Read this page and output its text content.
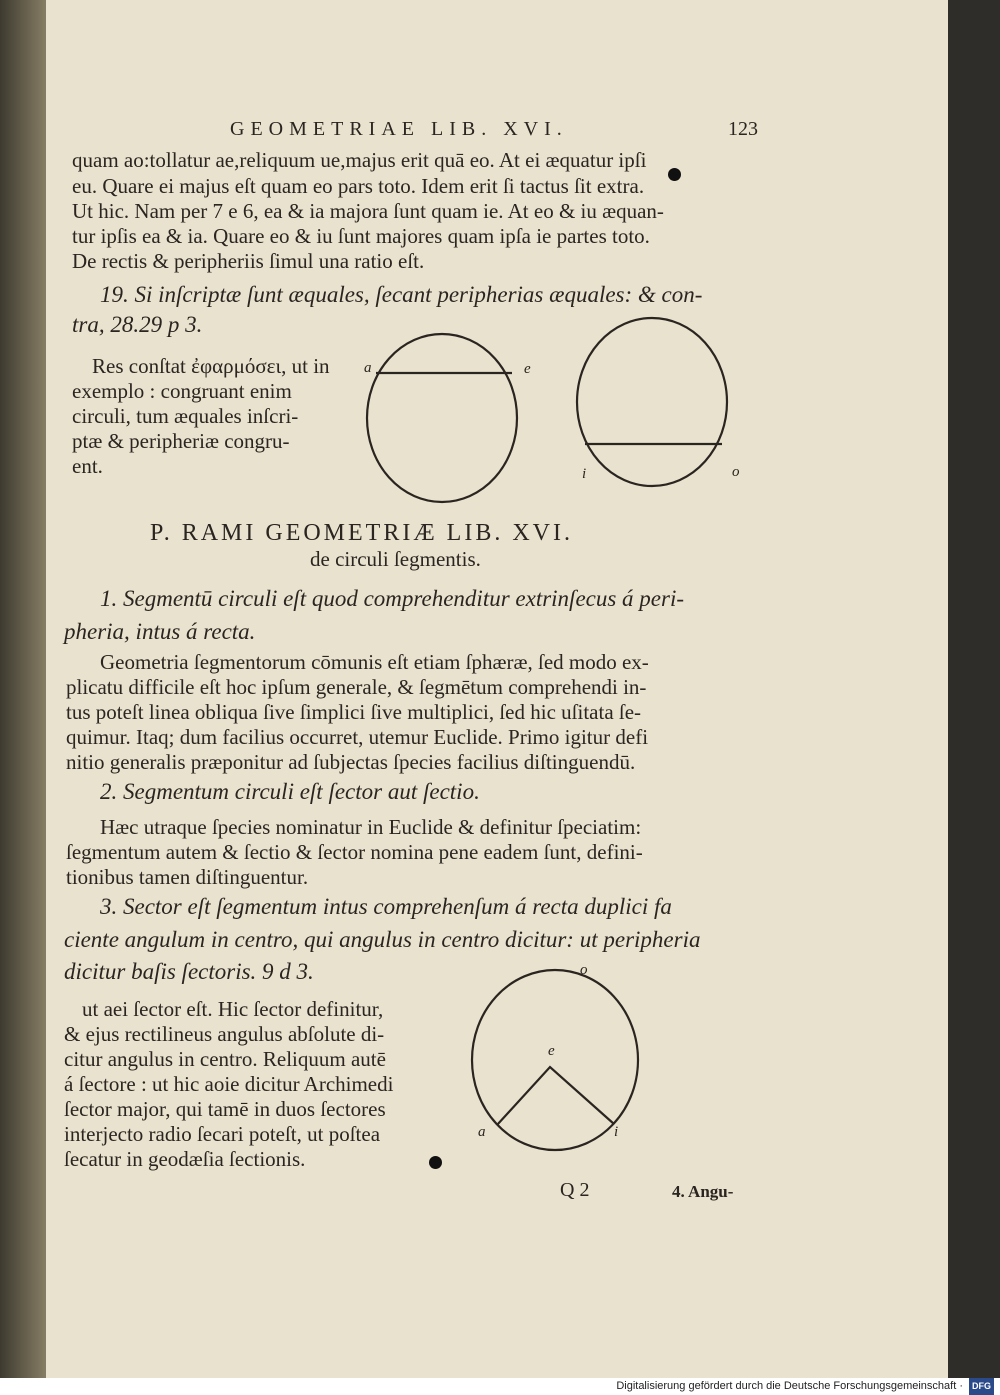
GEOMETRIAE LIB. XVI.	123
quam ao:tollatur ae,reliquum ue,majus erit quā eo. At ei æquatur ipſi
eu. Quare ei majus eſt quam eo pars toto. Idem erit ſi tactus ſit extra.
Ut hic. Nam per 7 e 6, ea & ia majora ſunt quam ie. At eo & iu æquan-
tur ipſis ea & ia. Quare eo & iu ſunt majores quam ipſa ie partes toto.
De rectis & peripheriis ſimul una ratio eſt.
19. Si inſcriptæ ſunt æquales, ſecant peripherias æquales: & con-
tra, 28.29 p 3.
Res conſtat ἐφαρμόσει, ut in
exemplo : congruant enim
circuli, tum æquales inſcri-
ptæ & peripheriæ congru-
ent.
a	e
i	o
P. RAMI GEOMETRIÆ LIB. XVI.
de circuli ſegmentis.
1. Segmentū circuli eſt quod comprehenditur extrinſecus á peri-
pheria, intus á recta.
Geometria ſegmentorum cōmunis eſt etiam ſphæræ, ſed modo ex-
plicatu difficile eſt hoc ipſum generale, & ſegmētum comprehendi in-
tus poteſt linea obliqua ſive ſimplici ſive multiplici, ſed hic uſitata ſe-
quimur. Itaq; dum facilius occurret, utemur Euclide. Primo igitur defi
nitio generalis præponitur ad ſubjectas ſpecies facilius diſtinguendū.
2. Segmentum circuli eſt ſector aut ſectio.
Hæc utraque ſpecies nominatur in Euclide & definitur ſpeciatim:
ſegmentum autem & ſectio & ſector nomina pene eadem ſunt, defini-
tionibus tamen diſtinguentur.
3. Sector eſt ſegmentum intus comprehenſum á recta duplici fa
ciente angulum in centro, qui angulus in centro dicitur: ut peripheria
dicitur baſis ſectoris. 9 d 3.
ut aei ſector eſt. Hic ſector definitur,
& ejus rectilineus angulus abſolute di-
citur angulus in centro. Reliquum autē
á ſectore : ut hic aoie dicitur Archimedi
ſector major, qui tamē in duos ſectores
interjecto radio ſecari poteſt, ut poſtea
ſecatur in geodæſia ſectionis.
o
e
a	i
Q 2	4. Angu-
Digitalisierung gefördert durch die Deutsche Forschungsgemeinschaft · DFG
